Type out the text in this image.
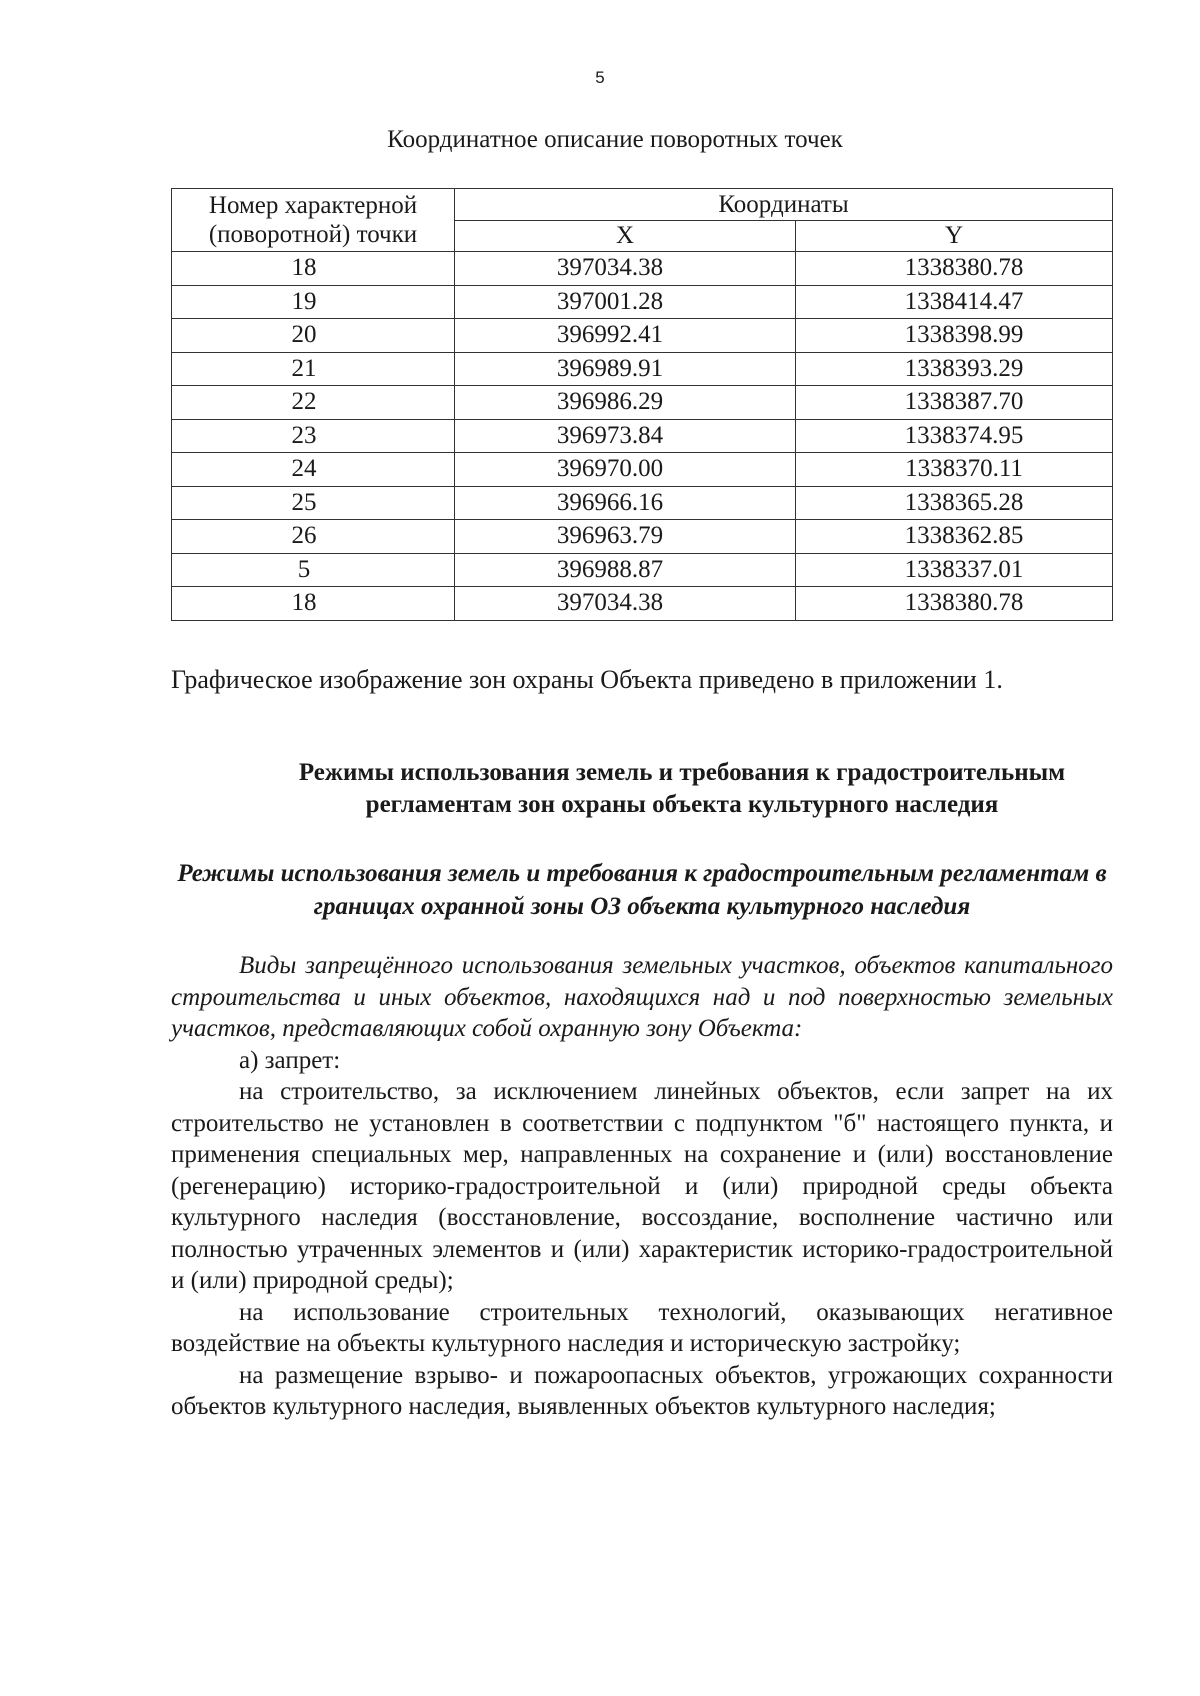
5
Координатное описание поворотных точек
Номер характерной (поворотной) точки	Координаты	
	X	Y
18	397034.38	1338380.78
19	397001.28	1338414.47
20	396992.41	1338398.99
21	396989.91	1338393.29
22	396986.29	1338387.70
23	396973.84	1338374.95
24	396970.00	1338370.11
25	396966.16	1338365.28
26	396963.79	1338362.85
5	396988.87	1338337.01
18	397034.38	1338380.78
Графическое изображение зон охраны Объекта приведено в приложении 1.
Режимы использования земель и требования к градостроительным регламентам зон охраны объекта культурного наследия
Режимы использования земель и требования к градостроительным регламентам в границах охранной зоны ОЗ объекта культурного наследия

Виды запрещённого использования земельных участков, объектов капитального строительства и иных объектов, находящихся над и под поверхностью земельных участков, представляющих собой охранную зону Объекта:

а) запрет:

на строительство, за исключением линейных объектов, если запрет на их строительство не установлен в соответствии с подпунктом "б" настоящего пункта, и применения специальных мер, направленных на сохранение и (или) восстановление (регенерацию) историко-градостроительной и (или) природной среды объекта культурного наследия (восстановление, воссоздание, восполнение частично или полностью утраченных элементов и (или) характеристик историко-градостроительной и (или) природной среды);

на использование строительных технологий, оказывающих негативное воздействие на объекты культурного наследия и историческую застройку;

на размещение взрыво- и пожароопасных объектов, угрожающих сохранности объектов культурного наследия, выявленных объектов культурного наследия;
